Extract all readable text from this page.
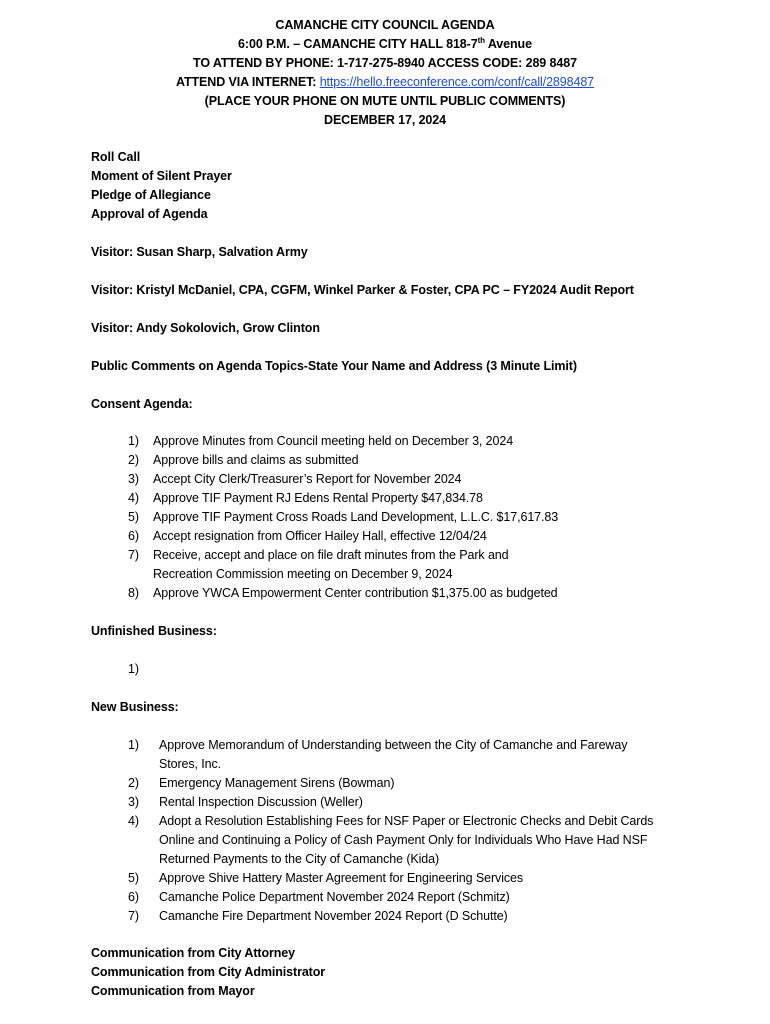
CAMANCHE CITY COUNCIL AGENDA
6:00 P.M. – CAMANCHE CITY HALL 818-7th Avenue
TO ATTEND BY PHONE: 1-717-275-8940 ACCESS CODE: 289 8487
ATTEND VIA INTERNET: https://hello.freeconference.com/conf/call/2898487
(PLACE YOUR PHONE ON MUTE UNTIL PUBLIC COMMENTS)
DECEMBER 17, 2024
Roll Call
Moment of Silent Prayer
Pledge of Allegiance
Approval of Agenda
Visitor: Susan Sharp, Salvation Army
Visitor: Kristyl McDaniel, CPA, CGFM, Winkel Parker & Foster, CPA PC – FY2024 Audit Report
Visitor: Andy Sokolovich, Grow Clinton
Public Comments on Agenda Topics-State Your Name and Address (3 Minute Limit)
Consent Agenda:
1) Approve Minutes from Council meeting held on December 3, 2024
2) Approve bills and claims as submitted
3) Accept City Clerk/Treasurer’s Report for November 2024
4) Approve TIF Payment RJ Edens Rental Property $47,834.78
5) Approve TIF Payment Cross Roads Land Development, L.L.C. $17,617.83
6) Accept resignation from Officer Hailey Hall, effective 12/04/24
7) Receive, accept and place on file draft minutes from the Park and Recreation Commission meeting on December 9, 2024
8) Approve YWCA Empowerment Center contribution $1,375.00 as budgeted
Unfinished Business:
1)
New Business:
1) Approve Memorandum of Understanding between the City of Camanche and Fareway Stores, Inc.
2) Emergency Management Sirens (Bowman)
3) Rental Inspection Discussion (Weller)
4) Adopt a Resolution Establishing Fees for NSF Paper or Electronic Checks and Debit Cards Online and Continuing a Policy of Cash Payment Only for Individuals Who Have Had NSF Returned Payments to the City of Camanche (Kida)
5) Approve Shive Hattery Master Agreement for Engineering Services
6) Camanche Police Department November 2024 Report (Schmitz)
7) Camanche Fire Department November 2024 Report (D Schutte)
Communication from City Attorney
Communication from City Administrator
Communication from Mayor
